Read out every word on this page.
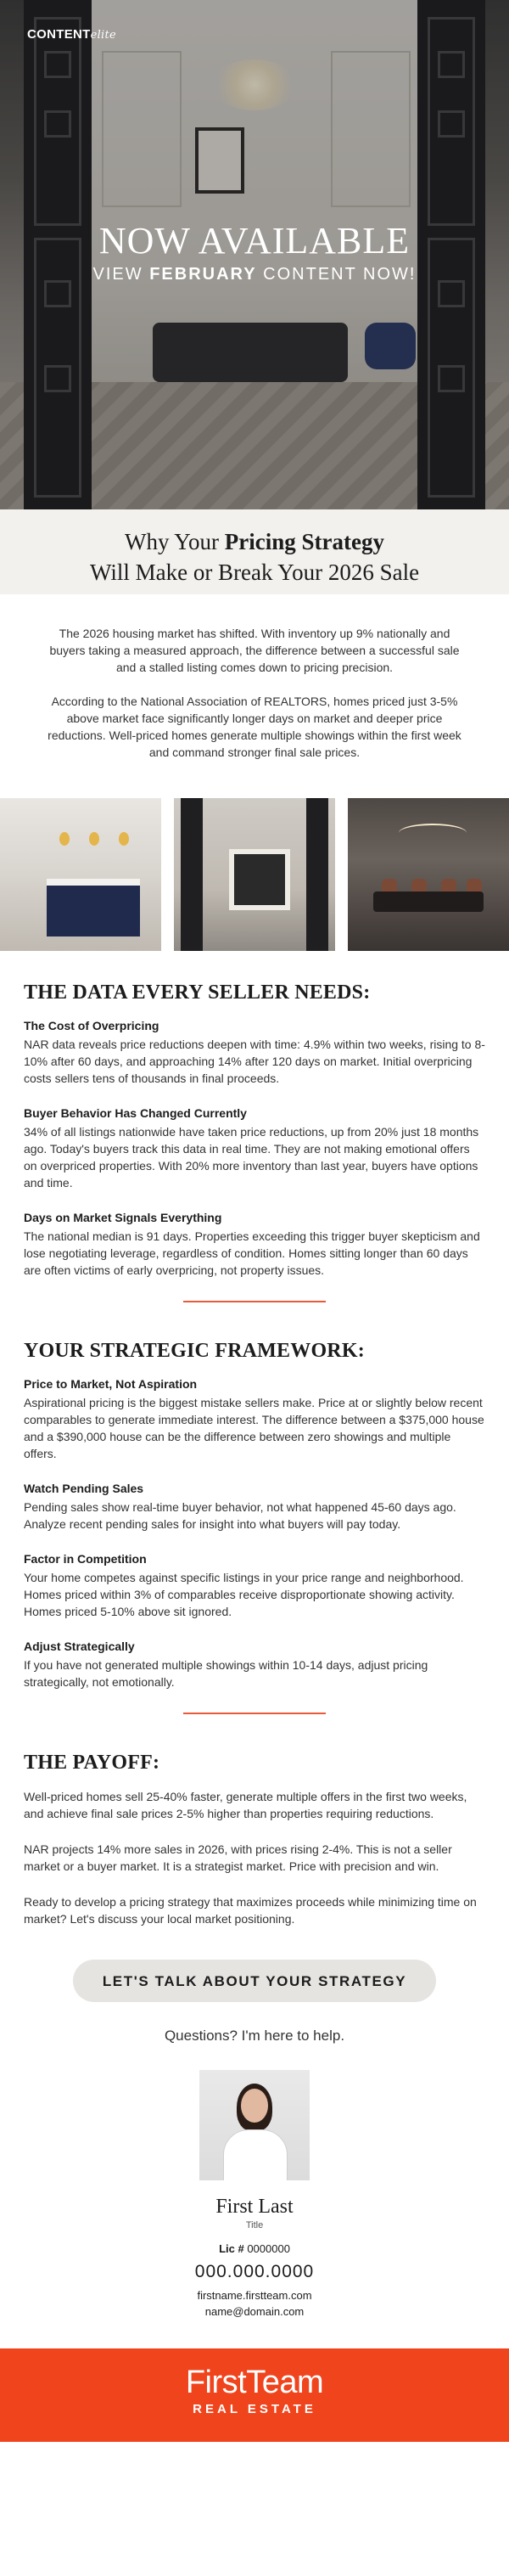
CONTENTelite
NOW AVAILABLE
VIEW FEBRUARY CONTENT NOW!
Why Your Pricing Strategy
Will Make or Break Your 2026 Sale

The 2026 housing market has shifted. With inventory up 9% nationally and buyers taking a measured approach, the difference between a successful sale and a stalled listing comes down to pricing precision.

According to the National Association of REALTORS, homes priced just 3-5% above market face significantly longer days on market and deeper price reductions. Well-priced homes generate multiple showings within the first week and command stronger final sale prices.

THE DATA EVERY SELLER NEEDS:
The Cost of Overpricing

NAR data reveals price reductions deepen with time: 4.9% within two weeks, rising to 8-10% after 60 days, and approaching 14% after 120 days on market. Initial overpricing costs sellers tens of thousands in final proceeds.

Buyer Behavior Has Changed Currently

34% of all listings nationwide have taken price reductions, up from 20% just 18 months ago. Today's buyers track this data in real time. They are not making emotional offers on overpriced properties. With 20% more inventory than last year, buyers have options and time.

Days on Market Signals Everything

The national median is 91 days. Properties exceeding this trigger buyer skepticism and lose negotiating leverage, regardless of condition. Homes sitting longer than 60 days are often victims of early overpricing, not property issues.

YOUR STRATEGIC FRAMEWORK:
Price to Market, Not Aspiration

Aspirational pricing is the biggest mistake sellers make. Price at or slightly below recent comparables to generate immediate interest. The difference between a $375,000 house and a $390,000 house can be the difference between zero showings and multiple offers.

Watch Pending Sales

Pending sales show real-time buyer behavior, not what happened 45-60 days ago. Analyze recent pending sales for insight into what buyers will pay today.

Factor in Competition

Your home competes against specific listings in your price range and neighborhood. Homes priced within 3% of comparables receive disproportionate showing activity. Homes priced 5-10% above sit ignored.

Adjust Strategically

If you have not generated multiple showings within 10-14 days, adjust pricing strategically, not emotionally.

THE PAYOFF:

Well-priced homes sell 25-40% faster, generate multiple offers in the first two weeks, and achieve final sale prices 2-5% higher than properties requiring reductions.

NAR projects 14% more sales in 2026, with prices rising 2-4%. This is not a seller market or a buyer market. It is a strategist market. Price with precision and win.

Ready to develop a pricing strategy that maximizes proceeds while minimizing time on market? Let's discuss your local market positioning.

LET'S TALK ABOUT YOUR STRATEGY
Questions? I'm here to help.

First Last

Title

Lic # 0000000
000.000.0000
firstname.firstteam.com
name@domain.com
FirstTeam
REAL ESTATE
